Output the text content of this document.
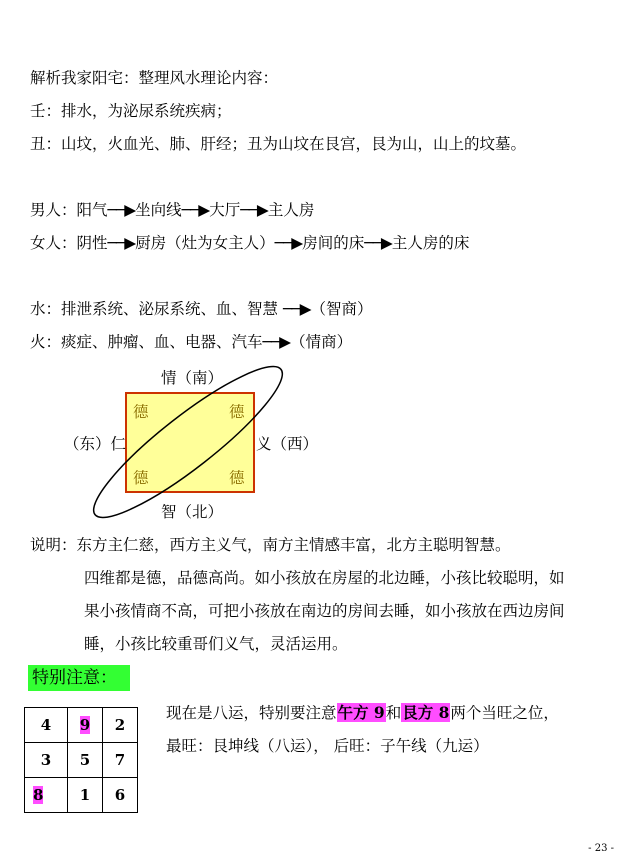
解析我家阳宅：整理风水理论内容：
壬：排水，为泌尿系统疾病；
丑：山坟，火血光、肺、肝经；丑为山坟在艮宫，艮为山，山上的坟墓。
男人：阳气──▶坐向线──▶大厅──▶主人房
女人：阴性──▶厨房（灶为女主人）──▶房间的床──▶主人房的床
水：排泄系统、泌尿系统、血、智慧 ──▶（智商）
火：痰症、肿瘤、血、电器、汽车──▶（情商）
情（南）
（东）仁	义（西）
智（北）
德	德
德	德
说明：东方主仁慈，西方主义气，南方主情感丰富，北方主聪明智慧。
四维都是德，品德高尚。如小孩放在房屋的北边睡，小孩比较聪明，如
果小孩情商不高，可把小孩放在南边的房间去睡，如小孩放在西边房间
睡，小孩比较重哥们义气，灵活运用。
特别注意：
4	9	2
3	5	7
8	1	6
现在是八运，特别要注意午方 9和艮方 8两个当旺之位，
最旺：艮坤线（八运）， 后旺：子午线（九运）
- 23 -
